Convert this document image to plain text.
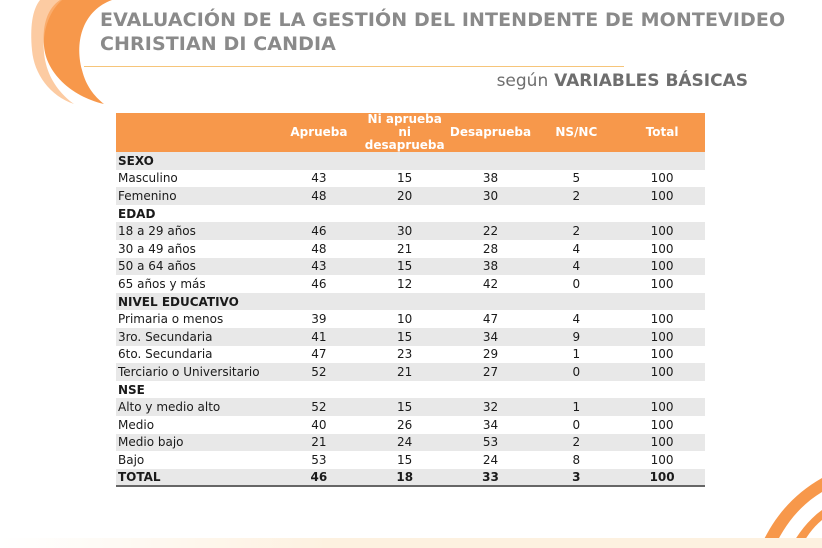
EVALUACIÓN DE LA GESTIÓN DEL INTENDENTE DE MONTEVIDEO
CHRISTIAN DI CANDIA
según VARIABLES BÁSICAS
	Aprueba	Ni aprueba ni desaprueba	Desaprueba	NS/NC	Total
SEXO					
Masculino	43	15	38	5	100
Femenino	48	20	30	2	100
EDAD					
18 a 29 años	46	30	22	2	100
30 a 49 años	48	21	28	4	100
50 a 64 años	43	15	38	4	100
65 años y más	46	12	42	0	100
NIVEL EDUCATIVO					
Primaria o menos	39	10	47	4	100
3ro. Secundaria	41	15	34	9	100
6to. Secundaria	47	23	29	1	100
Terciario o Universitario	52	21	27	0	100
NSE					
Alto y medio alto	52	15	32	1	100
Medio	40	26	34	0	100
Medio bajo	21	24	53	2	100
Bajo	53	15	24	8	100
TOTAL	46	18	33	3	100
